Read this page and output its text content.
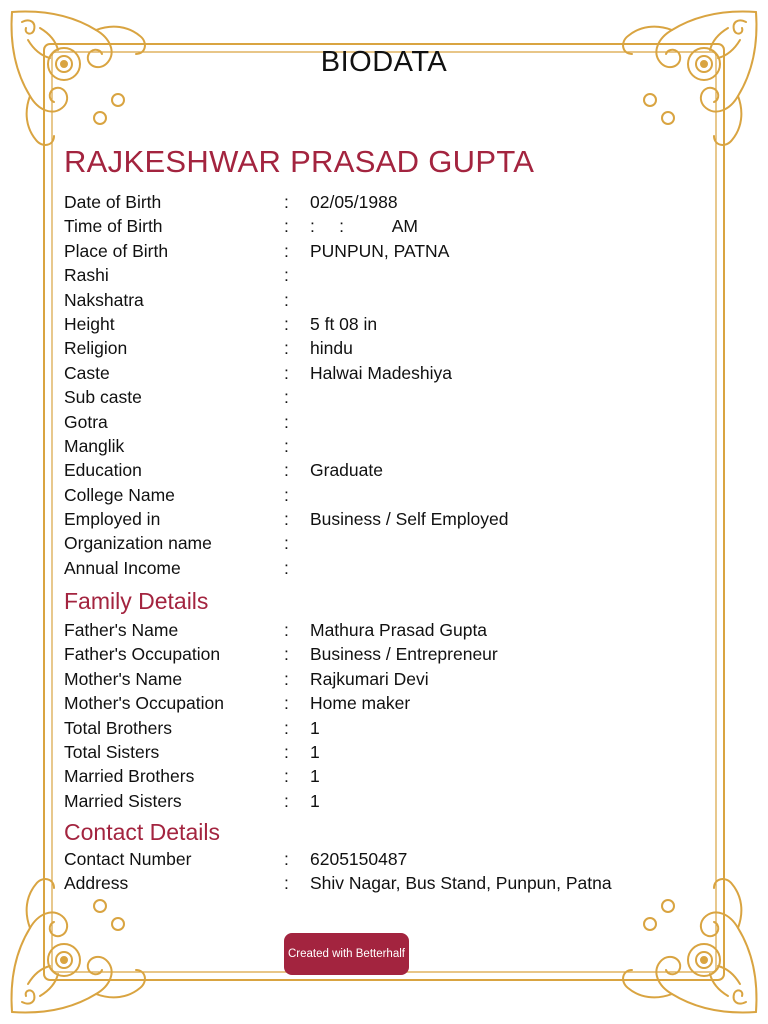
BIODATA
RAJKESHWAR PRASAD GUPTA
Date of Birth	: 02/05/1988
Time of Birth	: :     :          AM
Place of Birth	: PUNPUN, PATNA
Rashi	:
Nakshatra	:
Height	: 5 ft 08 in
Religion	: hindu
Caste	: Halwai Madeshiya
Sub caste	:
Gotra	:
Manglik	:
Education	: Graduate
College Name	:
Employed in	: Business / Self Employed
Organization name	:
Annual Income	:
Family Details
Father's Name	: Mathura Prasad Gupta
Father's Occupation	: Business / Entrepreneur
Mother's Name	: Rajkumari Devi
Mother's Occupation	: Home maker
Total Brothers	: 1
Total Sisters	: 1
Married Brothers	: 1
Married Sisters	: 1
Contact Details
Contact Number	: 6205150487
Address	: Shiv Nagar, Bus Stand, Punpun, Patna
Created with Betterhalf
